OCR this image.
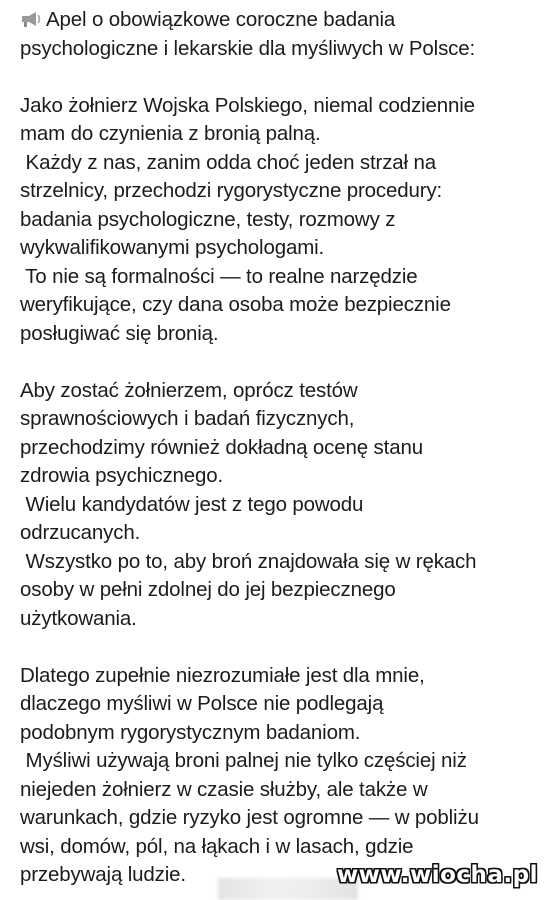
Apel o obowiązkowe coroczne badania
psychologiczne i lekarskie dla myśliwych w Polsce:
Jako żołnierz Wojska Polskiego, niemal codziennie
mam do czynienia z bronią palną.
Każdy z nas, zanim odda choć jeden strzał na
strzelnicy, przechodzi rygorystyczne procedury:
badania psychologiczne, testy, rozmowy z
wykwalifikowanymi psychologami.
To nie są formalności — to realne narzędzie
weryfikujące, czy dana osoba może bezpiecznie
posługiwać się bronią.
Aby zostać żołnierzem, oprócz testów
sprawnościowych i badań fizycznych,
przechodzimy również dokładną ocenę stanu
zdrowia psychicznego.
Wielu kandydatów jest z tego powodu
odrzucanych.
Wszystko po to, aby broń znajdowała się w rękach
osoby w pełni zdolnej do jej bezpiecznego
użytkowania.
Dlatego zupełnie niezrozumiałe jest dla mnie,
dlaczego myśliwi w Polsce nie podlegają
podobnym rygorystycznym badaniom.
Myśliwi używają broni palnej nie tylko częściej niż
niejeden żołnierz w czasie służby, ale także w
warunkach, gdzie ryzyko jest ogromne — w pobliżu
wsi, domów, pól, na łąkach i w lasach, gdzie
przebywają ludzie.	www.wiocha.pl
